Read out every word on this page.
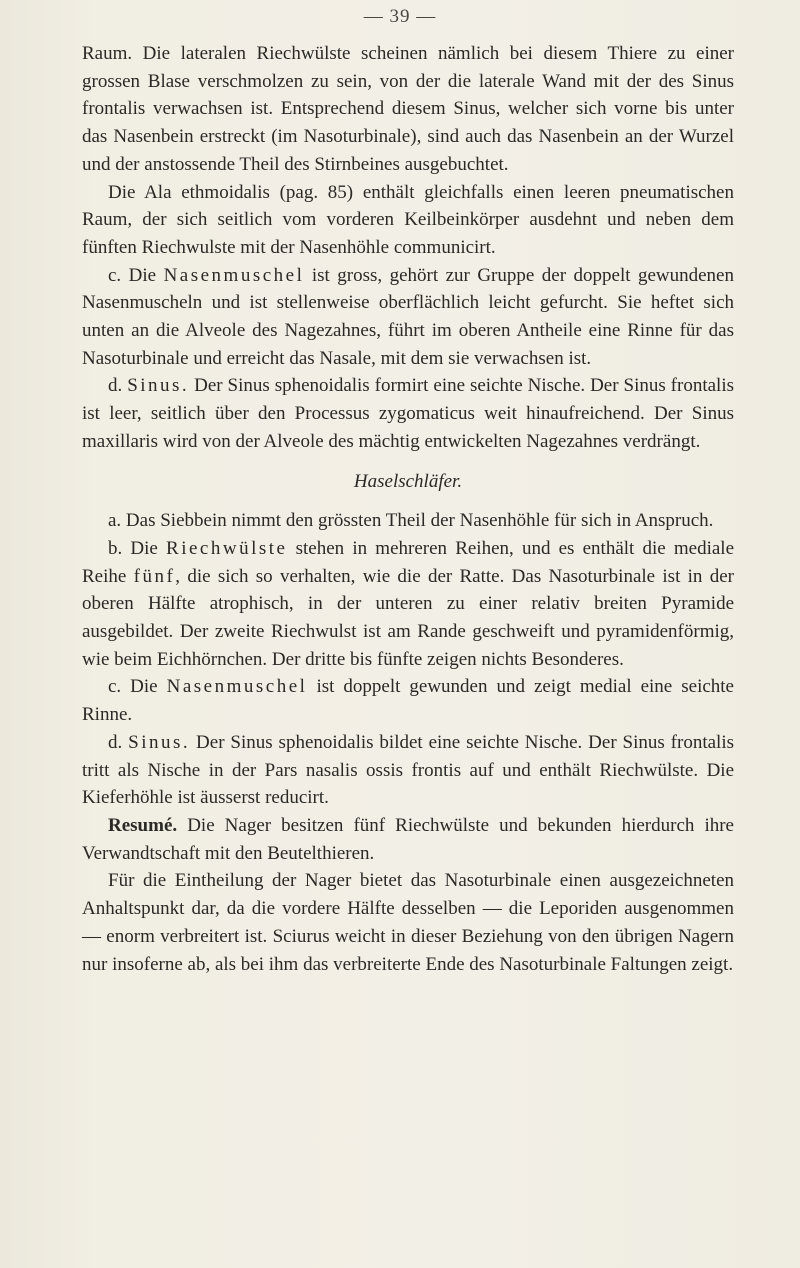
— 39 —

Raum. Die lateralen Riechwülste scheinen nämlich bei diesem Thiere zu einer grossen Blase verschmolzen zu sein, von der die laterale Wand mit der des Sinus frontalis verwachsen ist. Entsprechend diesem Sinus, welcher sich vorne bis unter das Nasenbein erstreckt (im Nasoturbinale), sind auch das Nasenbein an der Wurzel und der anstossende Theil des Stirnbeines ausgebuchtet.

Die Ala ethmoidalis (pag. 85) enthält gleichfalls einen leeren pneumatischen Raum, der sich seitlich vom vorderen Keilbeinkörper ausdehnt und neben dem fünften Riechwulste mit der Nasenhöhle communicirt.

c. Die Nasenmuschel ist gross, gehört zur Gruppe der doppelt gewundenen Nasenmuscheln und ist stellenweise oberflächlich leicht gefurcht. Sie heftet sich unten an die Alveole des Nagezahnes, führt im oberen Antheile eine Rinne für das Nasoturbinale und erreicht das Nasale, mit dem sie verwachsen ist.

d. Sinus. Der Sinus sphenoidalis formirt eine seichte Nische. Der Sinus frontalis ist leer, seitlich über den Processus zygomaticus weit hinaufreichend. Der Sinus maxillaris wird von der Alveole des mächtig entwickelten Nagezahnes verdrängt.

Haselschläfer.

a. Das Siebbein nimmt den grössten Theil der Nasenhöhle für sich in Anspruch.

b. Die Riechwülste stehen in mehreren Reihen, und es enthält die mediale Reihe fünf, die sich so verhalten, wie die der Ratte. Das Nasoturbinale ist in der oberen Hälfte atrophisch, in der unteren zu einer relativ breiten Pyramide ausgebildet. Der zweite Riechwulst ist am Rande geschweift und pyramidenförmig, wie beim Eichhörnchen. Der dritte bis fünfte zeigen nichts Besonderes.

c. Die Nasenmuschel ist doppelt gewunden und zeigt medial eine seichte Rinne.

d. Sinus. Der Sinus sphenoidalis bildet eine seichte Nische. Der Sinus frontalis tritt als Nische in der Pars nasalis ossis frontis auf und enthält Riechwülste. Die Kieferhöhle ist äusserst reducirt.

Resumé. Die Nager besitzen fünf Riechwülste und bekunden hierdurch ihre Verwandtschaft mit den Beutelthieren.

Für die Eintheilung der Nager bietet das Nasoturbinale einen ausgezeichneten Anhaltspunkt dar, da die vordere Hälfte desselben — die Leporiden ausgenommen — enorm verbreitert ist. Sciurus weicht in dieser Beziehung von den übrigen Nagern nur insoferne ab, als bei ihm das verbreiterte Ende des Nasoturbinale Faltungen zeigt.
